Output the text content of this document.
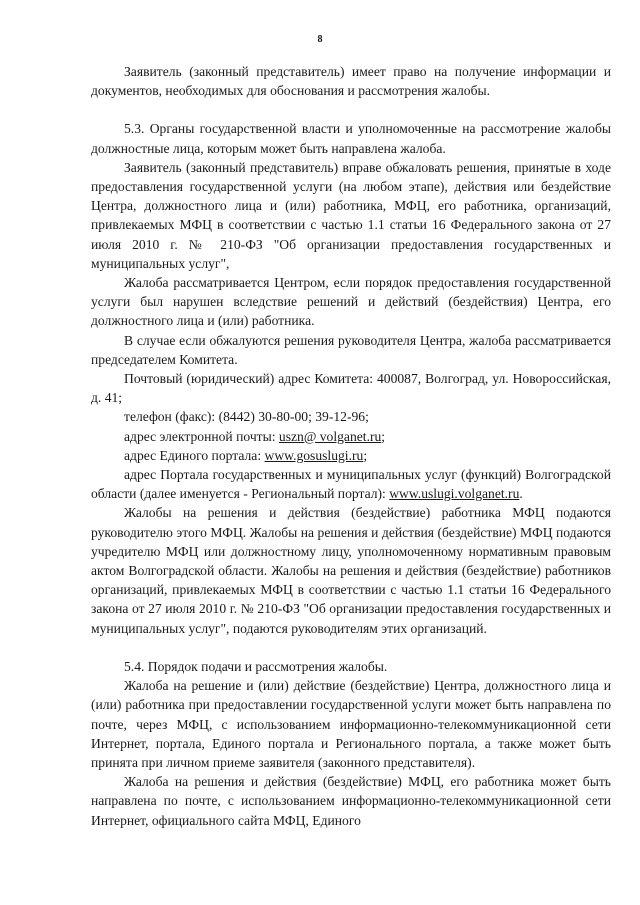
8

Заявитель (законный представитель) имеет право на получение информации и документов, необходимых для обоснования и рассмотрения жалобы.

5.3. Органы государственной власти и уполномоченные на рассмотрение жалобы должностные лица, которым может быть направлена жалоба.

Заявитель (законный представитель) вправе обжаловать решения, принятые в ходе предоставления государственной услуги (на любом этапе), действия или бездействие Центра, должностного лица и (или) работника, МФЦ, его работника, организаций, привлекаемых МФЦ в соответствии с частью 1.1 статьи 16 Федерального закона от 27 июля 2010 г. № 210-ФЗ "Об организации предоставления государственных и муниципальных услуг",

Жалоба рассматривается Центром, если порядок предоставления государственной услуги был нарушен вследствие решений и действий (бездействия) Центра, его должностного лица и (или) работника.

В случае если обжалуются решения руководителя Центра, жалоба рассматривается председателем Комитета.

Почтовый (юридический) адрес Комитета: 400087, Волгоград, ул. Новороссийская, д. 41;

телефон (факс): (8442) 30-80-00; 39-12-96;

адрес электронной почты: uszn@ volganet.ru;

адрес Единого портала: www.gosuslugi.ru;

адрес Портала государственных и муниципальных услуг (функций) Волгоградской области (далее именуется - Региональный портал): www.uslugi.volganet.ru.

Жалобы на решения и действия (бездействие) работника МФЦ подаются руководителю этого МФЦ. Жалобы на решения и действия (бездействие) МФЦ подаются учредителю МФЦ или должностному лицу, уполномоченному нормативным правовым актом Волгоградской области. Жалобы на решения и действия (бездействие) работников организаций, привлекаемых МФЦ в соответствии с частью 1.1 статьи 16 Федерального закона от 27 июля 2010 г. № 210-ФЗ "Об организации предоставления государственных и муниципальных услуг", подаются руководителям этих организаций.

5.4. Порядок подачи и рассмотрения жалобы.

Жалоба на решение и (или) действие (бездействие) Центра, должностного лица и (или) работника при предоставлении государственной услуги может быть направлена по почте, через МФЦ, с использованием информационно-телекоммуникационной сети Интернет, портала, Единого портала и Регионального портала, а также может быть принята при личном приеме заявителя (законного представителя).

Жалоба на решения и действия (бездействие) МФЦ, его работника может быть направлена по почте, с использованием информационно-телекоммуникационной сети Интернет, официального сайта МФЦ, Единого
